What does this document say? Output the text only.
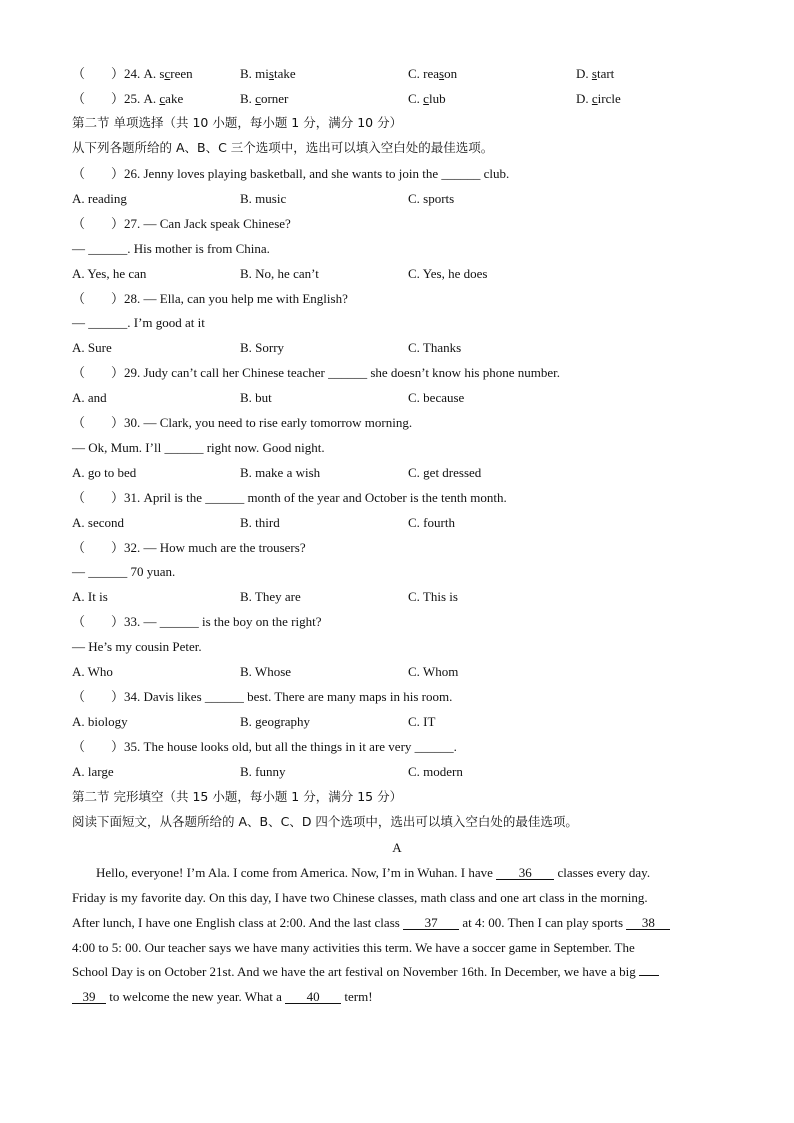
（　　）24. A. screen	B. mistake	C. reason	D. start
（　　）25. A. cake	B. corner	C. club	D. circle
第二节 单项选择（共 10 小题，每小题 1 分，满分 10 分）
从下列各题所给的 A、B、C 三个选项中，选出可以填入空白处的最佳选项。
（　　）26. Jenny loves playing basketball, and she wants to join the ______ club.
A. reading	B. music	C. sports
（　　）27. — Can Jack speak Chinese?
— ______. His mother is from China.
A. Yes, he can	B. No, he can’t	C. Yes, he does
（　　）28. — Ella, can you help me with English?
— ______. I’m good at it
A. Sure	B. Sorry	C. Thanks
（　　）29. Judy can’t call her Chinese teacher ______ she doesn’t know his phone number.
A. and	B. but	C. because
（　　）30. — Clark, you need to rise early tomorrow morning.
— Ok, Mum. I’ll ______ right now. Good night.
A. go to bed	B. make a wish	C. get dressed
（　　）31. April is the ______ month of the year and October is the tenth month.
A. second	B. third	C. fourth
（　　）32. — How much are the trousers?
— ______ 70 yuan.
A. It is	B. They are	C. This is
（　　）33. — ______ is the boy on the right?
— He’s my cousin Peter.
A. Who	B. Whose	C. Whom
（　　）34. Davis likes ______ best. There are many maps in his room.
A. biology	B. geography	C. IT
（　　）35. The house looks old, but all the things in it are very ______.
A. large	B. funny	C. modern
第二节 完形填空（共 15 小题，每小题 1 分，满分 15 分）
阅读下面短文，从各题所给的 A、B、C、D 四个选项中，选出可以填入空白处的最佳选项。
A
Hello, everyone! I’m Ala. I come from America. Now, I’m in Wuhan. I have 36 classes every day.
Friday is my favorite day. On this day, I have two Chinese classes, math class and one art class in the morning.
After lunch, I have one English class at 2:00. And the last class 37 at 4: 00. Then I can play sports 38
4:00 to 5: 00. Our teacher says we have many activities this term. We have a soccer game in September. The
School Day is on October 21st. And we have the art festival on November 16th. In December, we have a big
39 to welcome the new year. What a 40 term!
